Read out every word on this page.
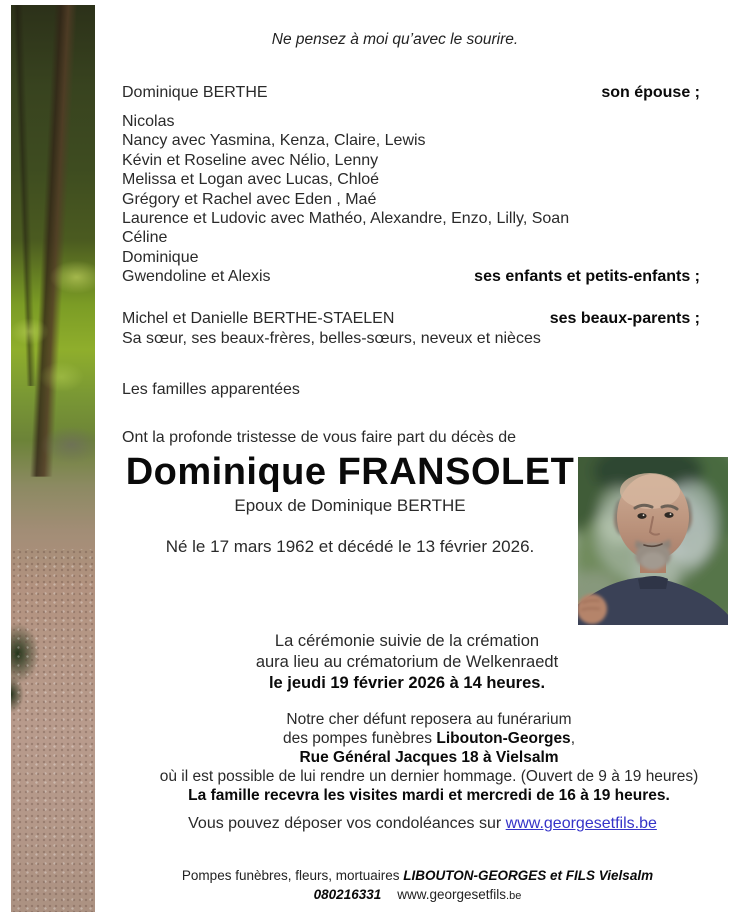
Ne pensez à moi qu’avec le sourire.
Dominique BERTHE	son épouse ;
Nicolas
Nancy avec Yasmina, Kenza, Claire, Lewis
Kévin et Roseline avec Nélio, Lenny
Melissa et Logan avec Lucas, Chloé
Grégory et Rachel avec Eden , Maé
Laurence et Ludovic avec Mathéo, Alexandre, Enzo, Lilly, Soan
Céline
Dominique
Gwendoline et Alexis	ses enfants et petits-enfants ;
Michel et Danielle BERTHE-STAELEN	ses beaux-parents ;
Sa sœur, ses beaux-frères, belles-sœurs, neveux et nièces
Les familles apparentées
Ont la profonde tristesse de vous faire part du décès de
Dominique FRANSOLET
Epoux de Dominique BERTHE
Né le 17 mars 1962 et décédé le 13 février 2026.
La cérémonie suivie de la crémation
aura lieu au crématorium de Welkenraedt
le jeudi 19 février 2026 à 14 heures.
Notre cher défunt reposera au funérarium
des pompes funèbres Libouton-Georges,
Rue Général Jacques 18 à Vielsalm
où il est possible de lui rendre un dernier hommage. (Ouvert de 9 à 19 heures)
La famille recevra les visites mardi et mercredi de 16 à 19 heures.
Vous pouvez déposer vos condoléances sur www.georgesetfils.be
Pompes funèbres, fleurs, mortuaires LIBOUTON-GEORGES et FILS Vielsalm
080216331 www.georgesetfils.be
